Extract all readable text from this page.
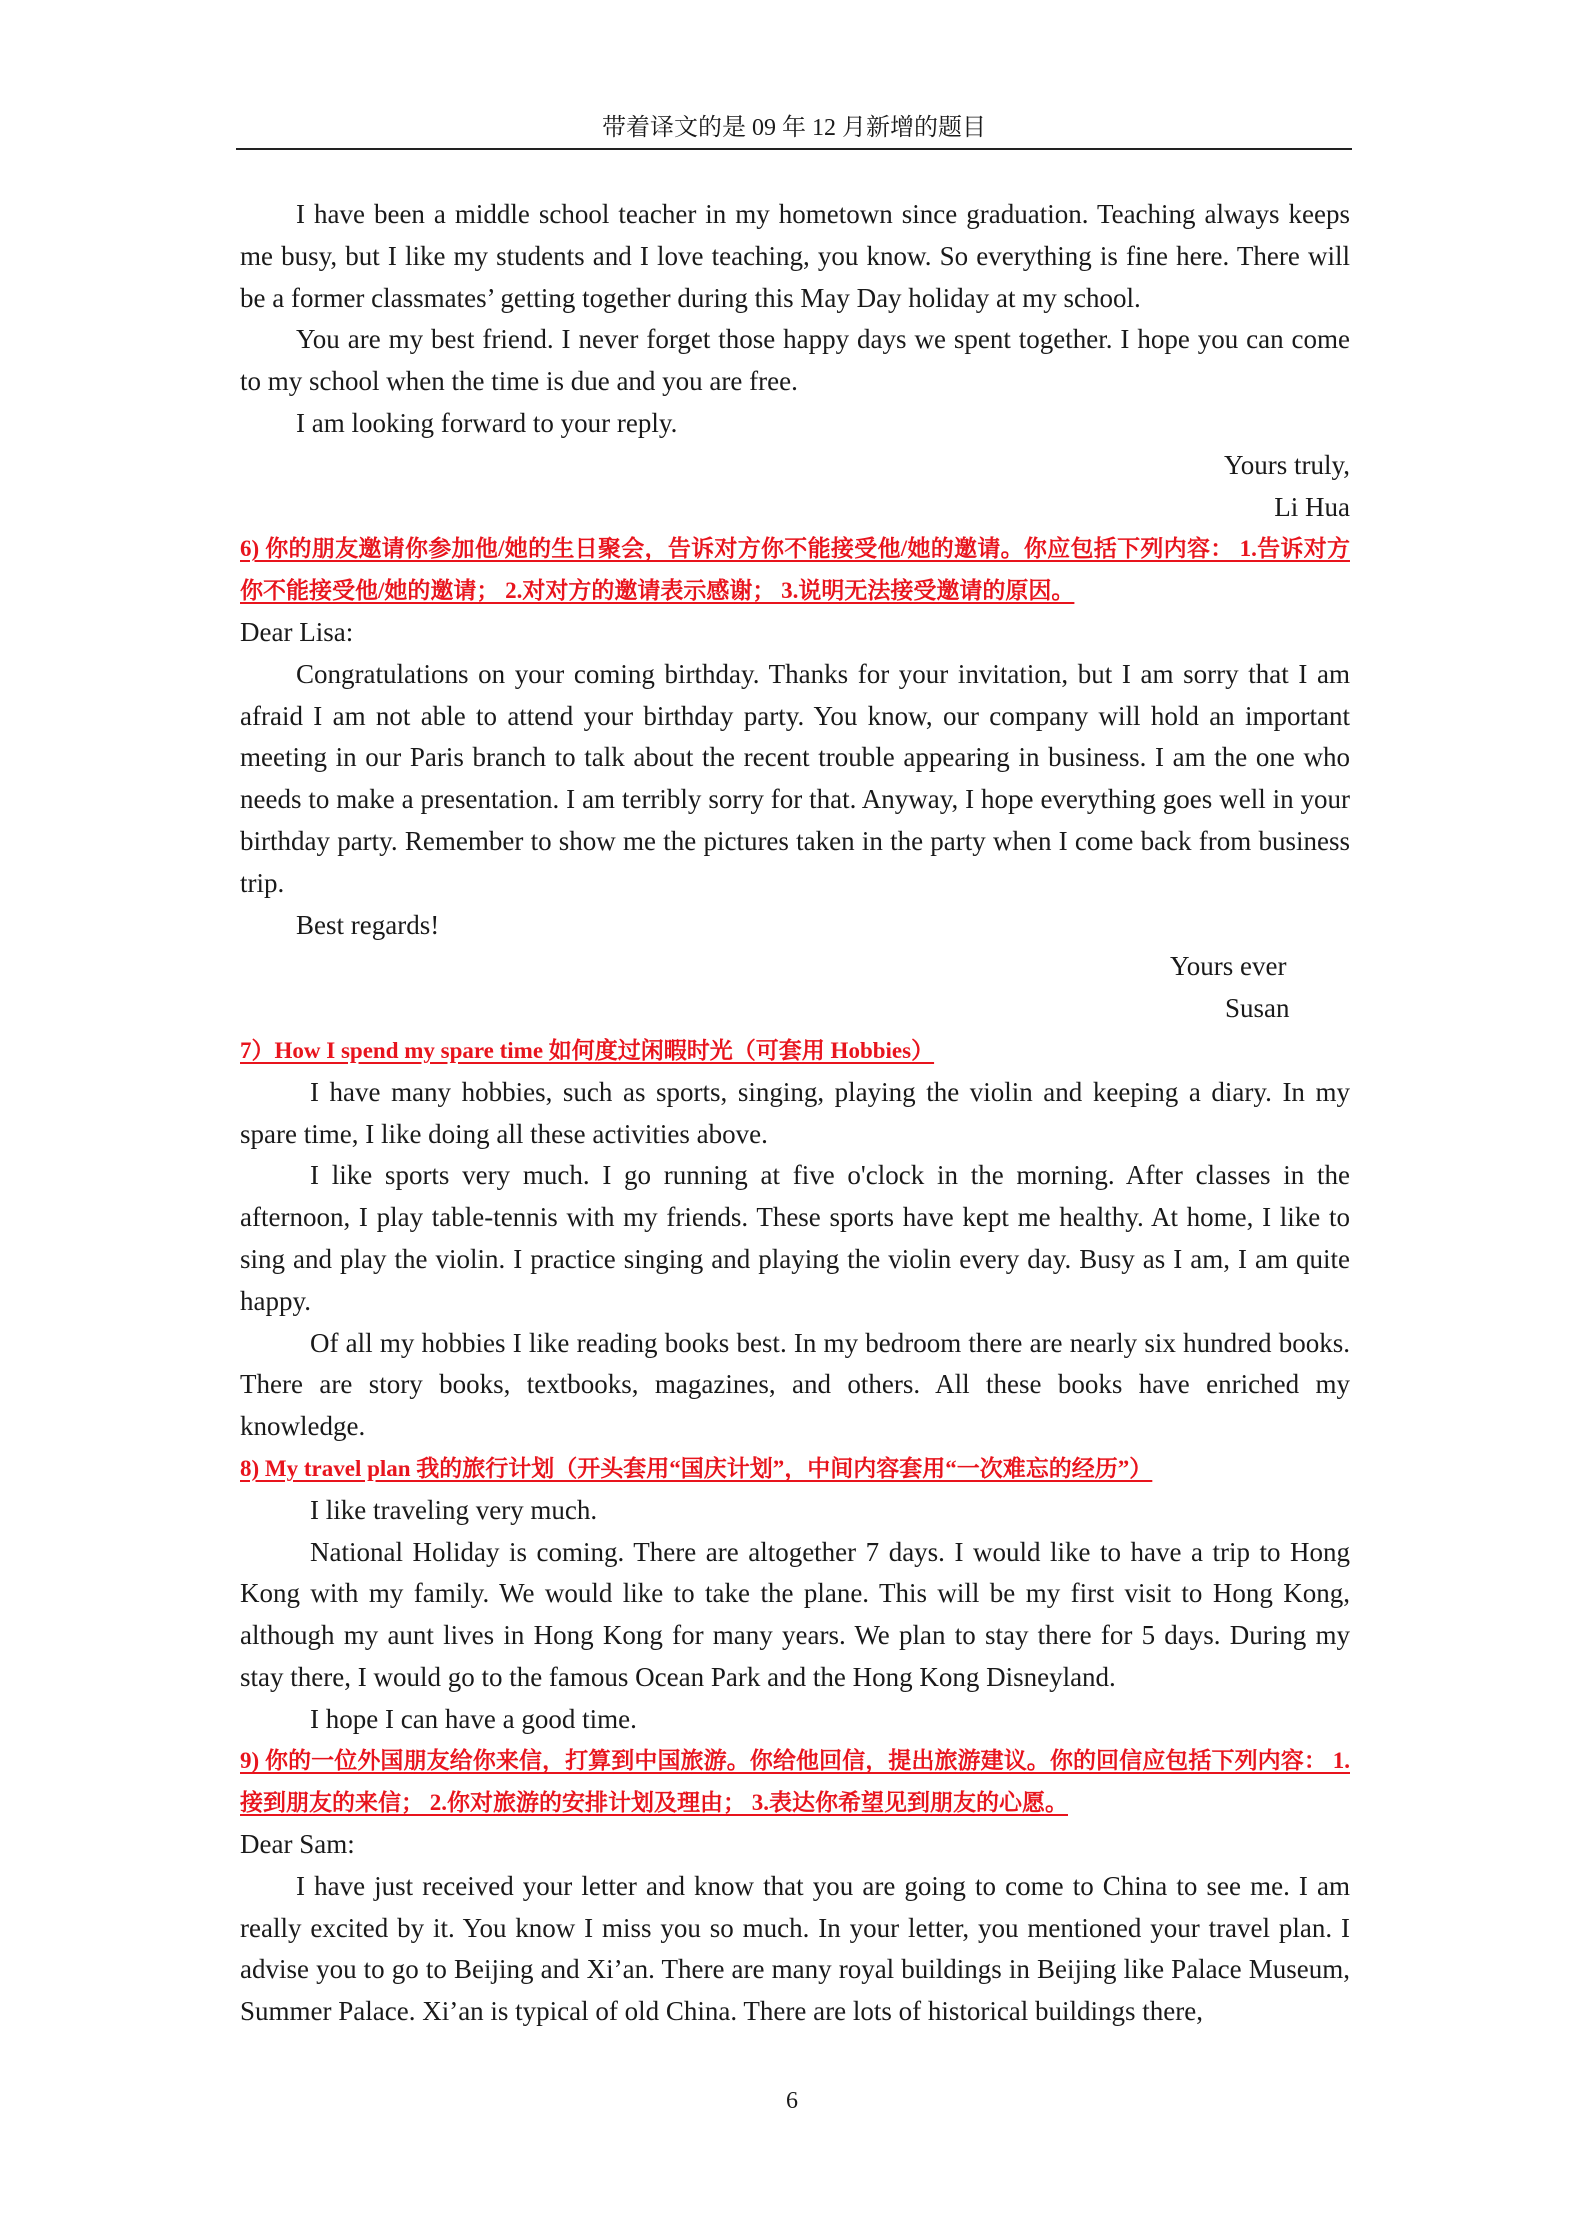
带着译文的是 09 年 12 月新增的题目

I have been a middle school teacher in my hometown since graduation. Teaching always keeps me busy, but I like my students and I love teaching, you know. So everything is fine here. There will be a former classmates’ getting together during this May Day holiday at my school.

You are my best friend. I never forget those happy days we spent together. I hope you can come to my school when the time is due and you are free.

I am looking forward to your reply.

Yours truly,

Li Hua

6) 你的朋友邀请你参加他/她的生日聚会，告诉对方你不能接受他/她的邀请。你应包括下列内容： 1.告诉对方你不能接受他/她的邀请； 2.对对方的邀请表示感谢； 3.说明无法接受邀请的原因。

Dear Lisa:

Congratulations on your coming birthday. Thanks for your invitation, but I am sorry that I am afraid I am not able to attend your birthday party. You know, our company will hold an important meeting in our Paris branch to talk about the recent trouble appearing in business. I am the one who needs to make a presentation. I am terribly sorry for that. Anyway, I hope everything goes well in your birthday party. Remember to show me the pictures taken in the party when I come back from business trip.

Best regards!

Yours ever

Susan

7）How I spend my spare time 如何度过闲暇时光（可套用 Hobbies）

I have many hobbies, such as sports, singing, playing the violin and keeping a diary. In my spare time, I like doing all these activities above.

I like sports very much. I go running at five o'clock in the morning. After classes in the afternoon, I play table-tennis with my friends. These sports have kept me healthy. At home, I like to sing and play the violin. I practice singing and playing the violin every day. Busy as I am, I am quite happy.

Of all my hobbies I like reading books best. In my bedroom there are nearly six hundred books. There are story books, textbooks, magazines, and others. All these books have enriched my knowledge.

8) My travel plan 我的旅行计划（开头套用“国庆计划”，中间内容套用“一次难忘的经历”）

I like traveling very much.

National Holiday is coming. There are altogether 7 days. I would like to have a trip to Hong Kong with my family. We would like to take the plane. This will be my first visit to Hong Kong, although my aunt lives in Hong Kong for many years. We plan to stay there for 5 days. During my stay there, I would go to the famous Ocean Park and the Hong Kong Disneyland.

I hope I can have a good time.

9) 你的一位外国朋友给你来信，打算到中国旅游。你给他回信，提出旅游建议。你的回信应包括下列内容： 1.接到朋友的来信； 2.你对旅游的安排计划及理由； 3.表达你希望见到朋友的心愿。

Dear Sam:

I have just received your letter and know that you are going to come to China to see me. I am really excited by it. You know I miss you so much. In your letter, you mentioned your travel plan. I advise you to go to Beijing and Xi’an. There are many royal buildings in Beijing like Palace Museum, Summer Palace. Xi’an is typical of old China. There are lots of historical buildings there,

6
